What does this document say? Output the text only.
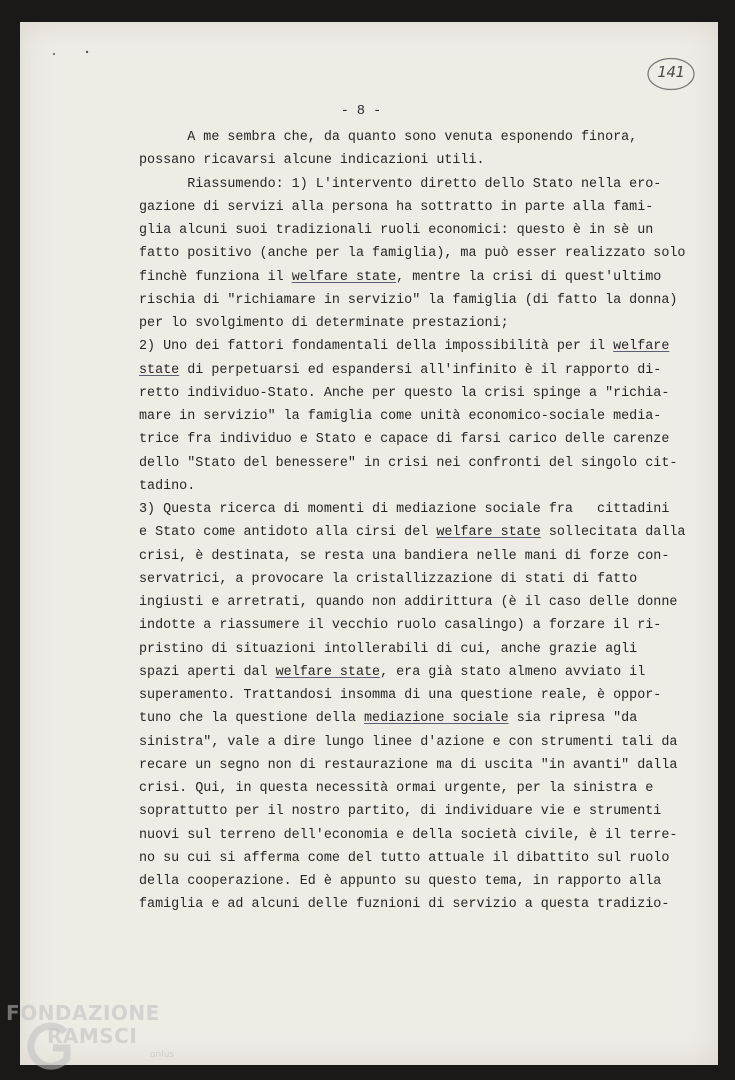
- 8 -
141
A me sembra che, da quanto sono venuta esponendo finora,
possano ricavarsi alcune indicazioni utili.
Riassumendo: 1) L'intervento diretto dello Stato nella ero-
gazione di servizi alla persona ha sottratto in parte alla fami-
glia alcuni suoi tradizionali ruoli economici: questo è in sè un
fatto positivo (anche per la famiglia), ma può esser realizzato solo
finchè funziona il welfare state, mentre la crisi di quest'ultimo
rischia di "richiamare in servizio" la famiglia (di fatto la donna)
per lo svolgimento di determinate prestazioni;
2) Uno dei fattori fondamentali della impossibilità per il welfare
state di perpetuarsi ed espandersi all'infinito è il rapporto di-
retto individuo-Stato. Anche per questo la crisi spinge a "richia-
mare in servizio" la famiglia come unità economico-sociale media-
trice fra individuo e Stato e capace di farsi carico delle carenze
dello "Stato del benessere" in crisi nei confronti del singolo cit-
tadino.
3) Questa ricerca di momenti di mediazione sociale fra   cittadini
e Stato come antidoto alla cirsi del welfare state sollecitata dalla
crisi, è destinata, se resta una bandiera nelle mani di forze con-
servatrici, a provocare la cristallizzazione di stati di fatto
ingiusti e arretrati, quando non addirittura (è il caso delle donne
indotte a riassumere il vecchio ruolo casalingo) a forzare il ri-
pristino di situazioni intollerabili di cui, anche grazie agli
spazi aperti dal welfare state, era già stato almeno avviato il
superamento. Trattandosi insomma di una questione reale, è oppor-
tuno che la questione della mediazione sociale sia ripresa "da
sinistra", vale a dire lungo linee d'azione e con strumenti tali da
recare un segno non di restaurazione ma di uscita "in avanti" dalla
crisi. Qui, in questa necessità ormai urgente, per la sinistra e
soprattutto per il nostro partito, di individuare vie e strumenti
nuovi sul terreno dell'economia e della società civile, è il terre-
no su cui si afferma come del tutto attuale il dibattito sul ruolo
della cooperazione. Ed è appunto su questo tema, in rapporto alla
famiglia e ad alcuni delle fuznioni di servizio a questa tradizio-
FONDAZIONE
RAMSCI
onlus
